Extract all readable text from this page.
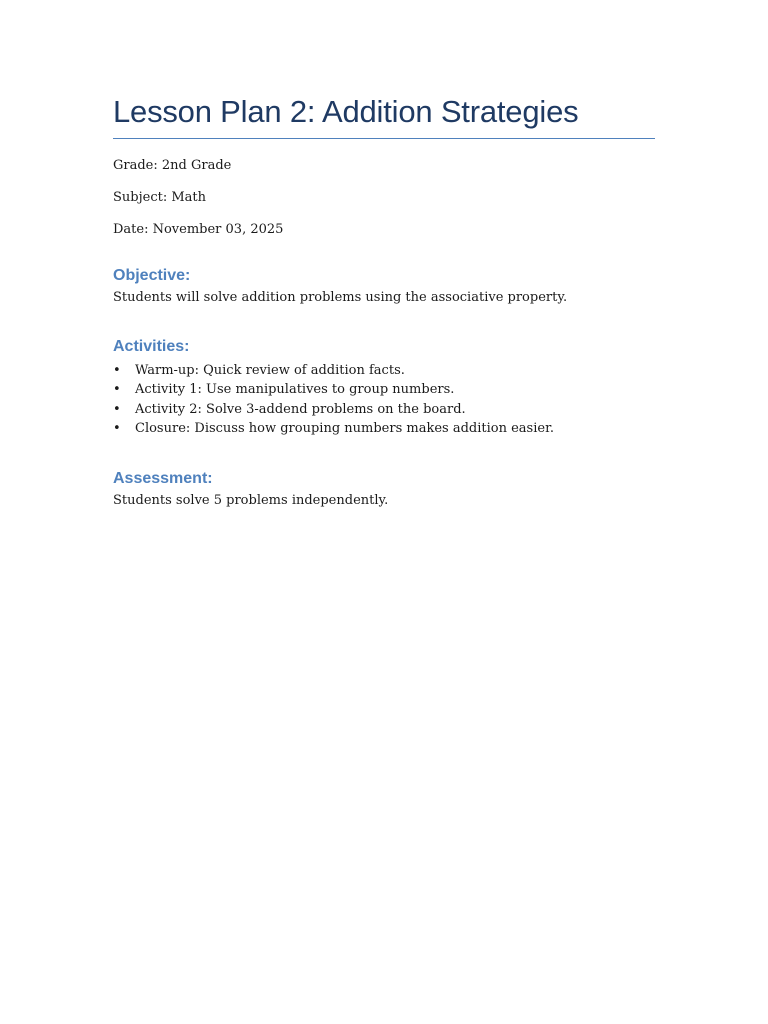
Lesson Plan 2: Addition Strategies

Grade: 2nd Grade

Subject: Math

Date: November 03, 2025

Objective:

Students will solve addition problems using the associative property.

Activities:
• Warm-up: Quick review of addition facts.
• Activity 1: Use manipulatives to group numbers.
• Activity 2: Solve 3-addend problems on the board.
• Closure: Discuss how grouping numbers makes addition easier.
Assessment:

Students solve 5 problems independently.
